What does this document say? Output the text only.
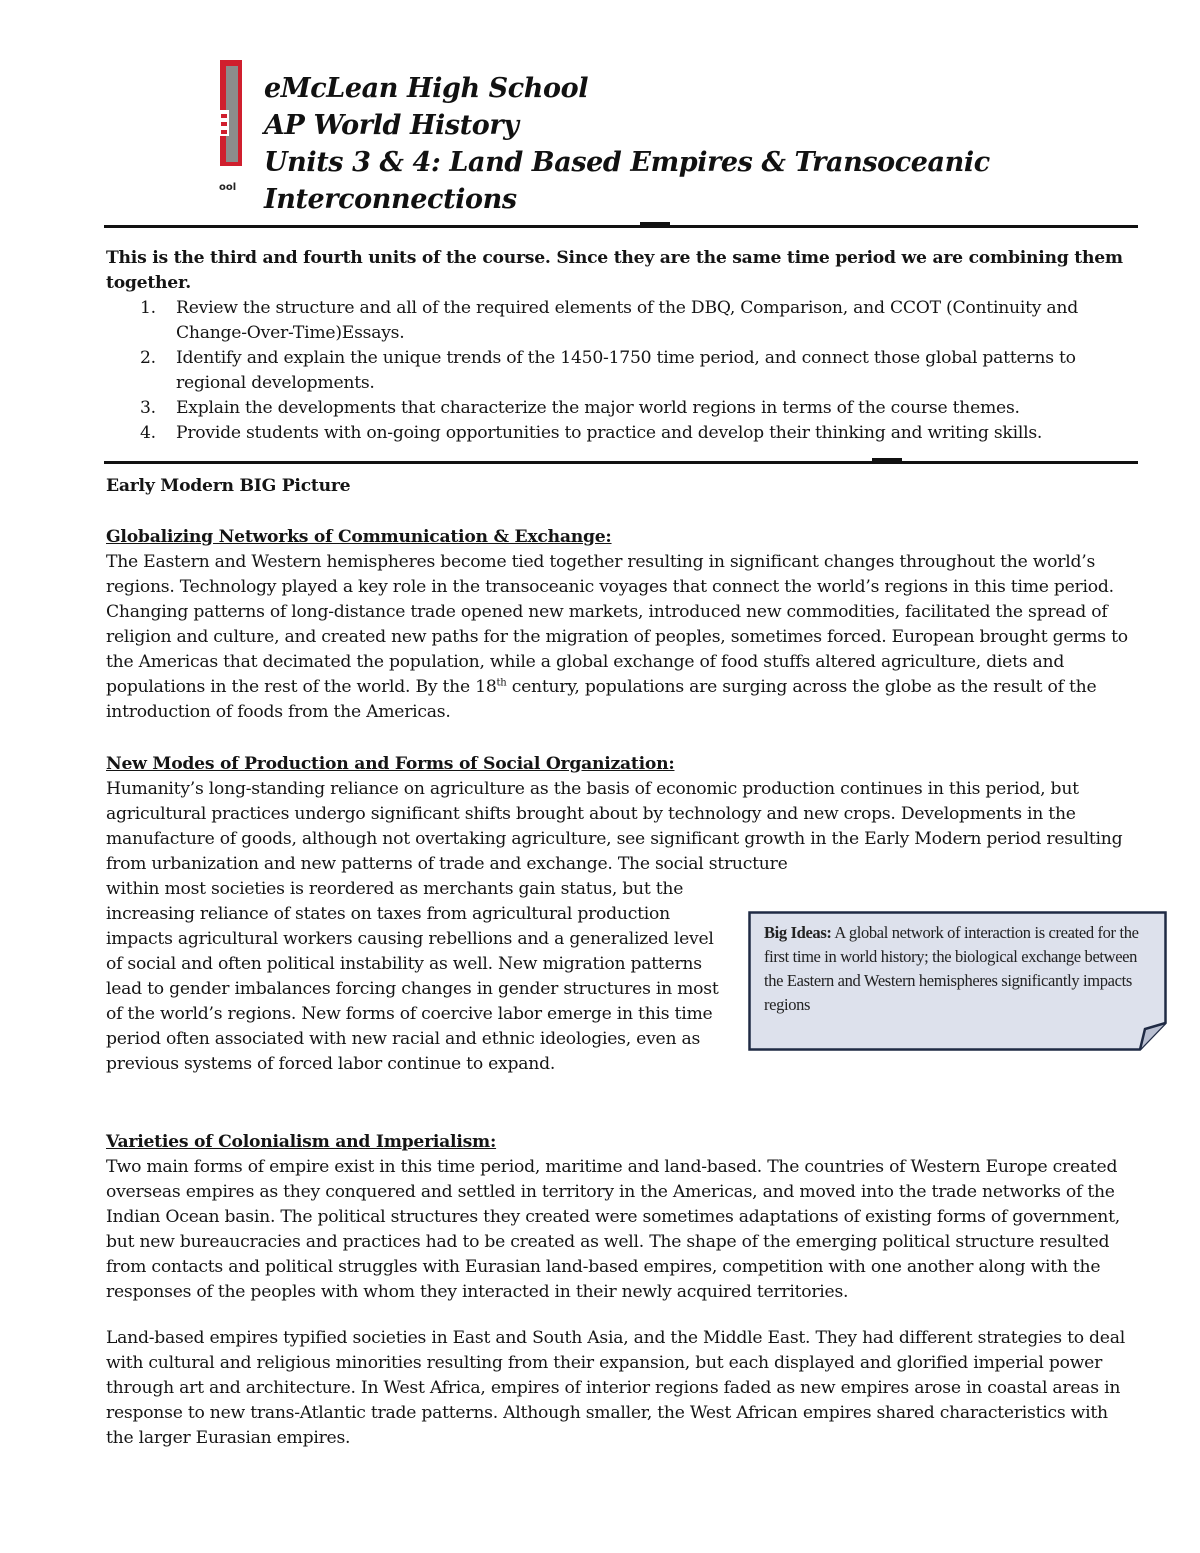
ool
eMcLean High School
AP World History
Units 3 & 4: Land Based Empires & Transoceanic
Interconnections

This is the third and fourth units of the course. Since they are the same time period we are combining them together.

1. Review the structure and all of the required elements of the DBQ, Comparison, and CCOT (Continuity and Change-Over-Time)Essays.
2. Identify and explain the unique trends of the 1450-1750 time period, and connect those global patterns to regional developments.
3. Explain the developments that characterize the major world regions in terms of the course themes.
4. Provide students with on-going opportunities to practice and develop their thinking and writing skills.
Early Modern BIG Picture
Globalizing Networks of Communication & Exchange:

The Eastern and Western hemispheres become tied together resulting in significant changes throughout the world’s regions. Technology played a key role in the transoceanic voyages that connect the world’s regions in this time period. Changing patterns of long-distance trade opened new markets, introduced new commodities, facilitated the spread of religion and culture, and created new paths for the migration of peoples, sometimes forced. European brought germs to the Americas that decimated the population, while a global exchange of food stuffs altered agriculture, diets and populations in the rest of the world. By the 18th century, populations are surging across the globe as the result of the introduction of foods from the Americas.

New Modes of Production and Forms of Social Organization:

Humanity’s long-standing reliance on agriculture as the basis of economic production continues in this period, but agricultural practices undergo significant shifts brought about by technology and new crops. Developments in the manufacture of goods, although not overtaking agriculture, see significant growth in the Early Modern period resulting from urbanization and new patterns of trade and exchange. The social structure

within most societies is reordered as merchants gain status, but the increasing reliance of states on taxes from agricultural production impacts agricultural workers causing rebellions and a generalized level of social and often political instability as well. New migration patterns lead to gender imbalances forcing changes in gender structures in most of the world’s regions. New forms of coercive labor emerge in this time period often associated with new racial and ethnic ideologies, even as previous systems of forced labor continue to expand.

Big Ideas: A global network of interaction is created for the first time in world history; the biological exchange between the Eastern and Western hemispheres significantly impacts regions
Varieties of Colonialism and Imperialism:

Two main forms of empire exist in this time period, maritime and land-based. The countries of Western Europe created overseas empires as they conquered and settled in territory in the Americas, and moved into the trade networks of the Indian Ocean basin. The political structures they created were sometimes adaptations of existing forms of government, but new bureaucracies and practices had to be created as well. The shape of the emerging political structure resulted from contacts and political struggles with Eurasian land-based empires, competition with one another along with the responses of the peoples with whom they interacted in their newly acquired territories.

Land-based empires typified societies in East and South Asia, and the Middle East. They had different strategies to deal with cultural and religious minorities resulting from their expansion, but each displayed and glorified imperial power through art and architecture. In West Africa, empires of interior regions faded as new empires arose in coastal areas in response to new trans-Atlantic trade patterns. Although smaller, the West African empires shared characteristics with the larger Eurasian empires.
